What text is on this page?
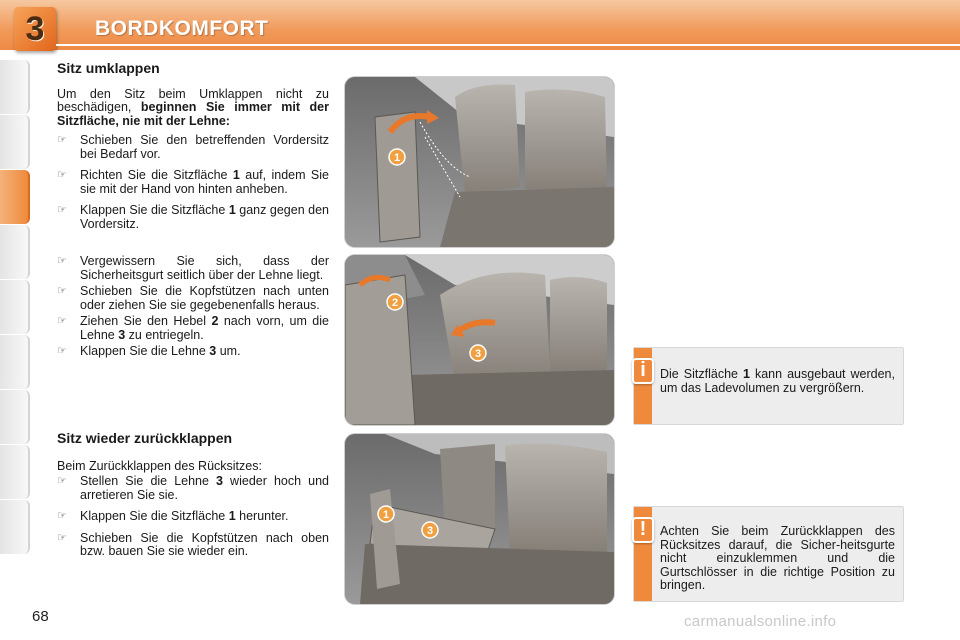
3 BORDKOMFORT
Sitz umklappen
Um den Sitz beim Umklappen nicht zu beschädigen, beginnen Sie immer mit der Sitzfläche, nie mit der Lehne:
☞ Schieben Sie den betreffenden Vordersitz bei Bedarf vor.
☞ Richten Sie die Sitzfläche 1 auf, indem Sie sie mit der Hand von hinten anheben.
☞ Klappen Sie die Sitzfläche 1 ganz gegen den Vordersitz.
☞ Vergewissern Sie sich, dass der Sicherheitsgurt seitlich über der Lehne liegt.
☞ Schieben Sie die Kopfstützen nach unten oder ziehen Sie sie gegebenenfalls heraus.
☞ Ziehen Sie den Hebel 2 nach vorn, um die Lehne 3 zu entriegeln.
☞ Klappen Sie die Lehne 3 um.
Sitz wieder zurückklappen
Beim Zurückklappen des Rücksitzes:
☞ Stellen Sie die Lehne 3 wieder hoch und arretieren Sie sie.
☞ Klappen Sie die Sitzfläche 1 herunter.
☞ Schieben Sie die Kopfstützen nach oben bzw. bauen Sie sie wieder ein.
1
2
3
1
3
i	Die Sitzfläche 1 kann ausgebaut werden, um das Ladevolumen zu vergrößern.
!	Achten Sie beim Zurückklappen des Rücksitzes darauf, die Sicher-heitsgurte nicht einzuklemmen und die Gurtschlösser in die richtige Position zu bringen.
68	carmanualsonline.info
